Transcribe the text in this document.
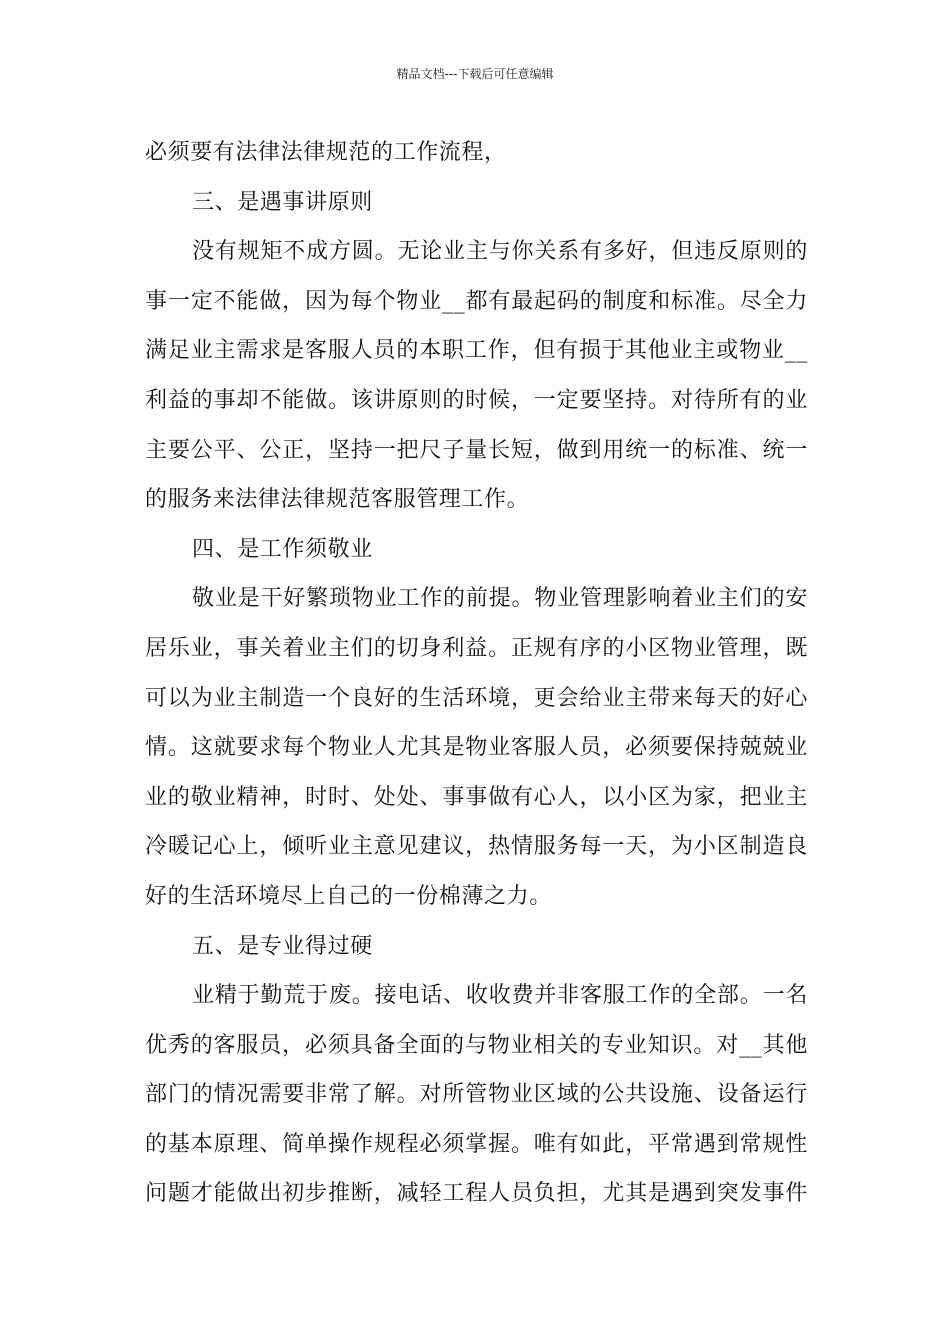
精品文档---下载后可任意编辑
必须要有法律法律规范的工作流程，
三、是遇事讲原则
没有规矩不成方圆。无论业主与你关系有多好，但违反原则的
事一定不能做，因为每个物业__都有最起码的制度和标准。尽全力
满足业主需求是客服人员的本职工作，但有损于其他业主或物业__
利益的事却不能做。该讲原则的时候，一定要坚持。对待所有的业
主要公平、公正，坚持一把尺子量长短，做到用统一的标准、统一
的服务来法律法律规范客服管理工作。
四、是工作须敬业
敬业是干好繁琐物业工作的前提。物业管理影响着业主们的安
居乐业，事关着业主们的切身利益。正规有序的小区物业管理，既
可以为业主制造一个良好的生活环境，更会给业主带来每天的好心
情。这就要求每个物业人尤其是物业客服人员，必须要保持兢兢业
业的敬业精神，时时、处处、事事做有心人，以小区为家，把业主
冷暖记心上，倾听业主意见建议，热情服务每一天，为小区制造良
好的生活环境尽上自己的一份棉薄之力。
五、是专业得过硬
业精于勤荒于废。接电话、收收费并非客服工作的全部。一名
优秀的客服员，必须具备全面的与物业相关的专业知识。对__其他
部门的情况需要非常了解。对所管物业区域的公共设施、设备运行
的基本原理、简单操作规程必须掌握。唯有如此，平常遇到常规性
问题才能做出初步推断，减轻工程人员负担，尤其是遇到突发事件
